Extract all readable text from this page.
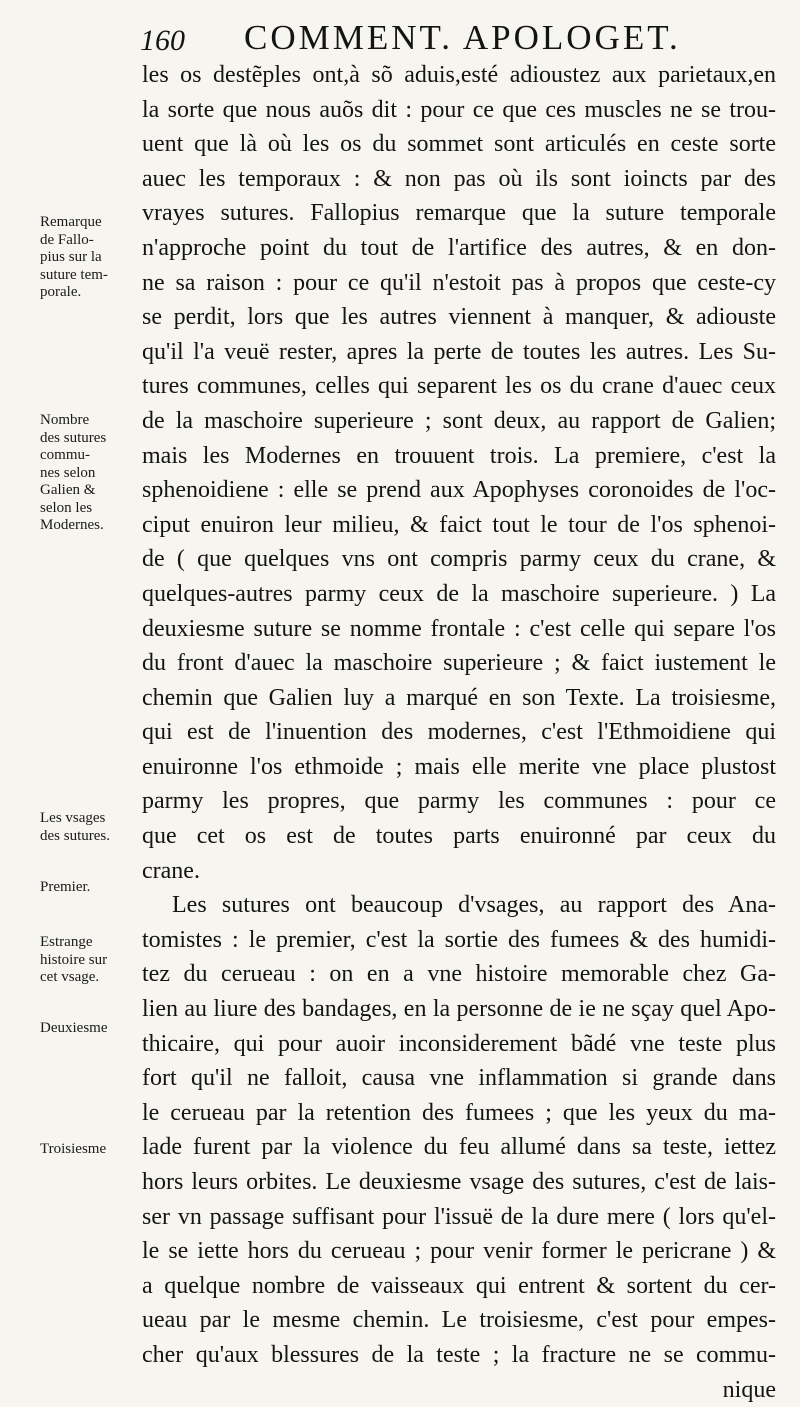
160 COMMENT. APOLOGET.
les os destẽples ont,à sõ aduis,esté adioustez aux parietaux,en
la sorte que nous auõs dit : pour ce que ces muscles ne se trou-
uent que là où les os du sommet sont articulés en ceste sorte
auec les temporaux : & non pas où ils sont ioincts par des
vrayes sutures. Fallopius remarque que la suture temporale
n'approche point du tout de l'artifice des autres, & en don-
ne sa raison : pour ce qu'il n'estoit pas à propos que ceste-cy
se perdit, lors que les autres viennent à manquer, & adiouste
qu'il l'a veuë rester, apres la perte de toutes les autres. Les Su-
tures communes, celles qui separent les os du crane d'auec ceux
de la maschoire superieure ; sont deux, au rapport de Galien;
mais les Modernes en trouuent trois. La premiere, c'est la
sphenoidiene : elle se prend aux Apophyses coronoides de l'oc-
ciput enuiron leur milieu, & faict tout le tour de l'os sphenoi-
de ( que quelques vns ont compris parmy ceux du crane, &
quelques-autres parmy ceux de la maschoire superieure. ) La
deuxiesme suture se nomme frontale : c'est celle qui separe l'os
du front d'auec la maschoire superieure ; & faict iustement le
chemin que Galien luy a marqué en son Texte. La troisiesme,
qui est de l'inuention des modernes, c'est l'Ethmoidiene qui
enuironne l'os ethmoide ; mais elle merite vne place plustost
parmy les propres, que parmy les communes : pour ce
que cet os est de toutes parts enuironné par ceux du
crane.
Les sutures ont beaucoup d'vsages, au rapport des Ana-
tomistes : le premier, c'est la sortie des fumees & des humidi-
tez du cerueau : on en a vne histoire memorable chez Ga-
lien au liure des bandages, en la personne de ie ne sçay quel Apo-
thicaire, qui pour auoir inconsiderement bãdé vne teste plus
fort qu'il ne falloit, causa vne inflammation si grande dans
le cerueau par la retention des fumees ; que les yeux du ma-
lade furent par la violence du feu allumé dans sa teste, iettez
hors leurs orbites. Le deuxiesme vsage des sutures, c'est de lais-
ser vn passage suffisant pour l'issuë de la dure mere ( lors qu'el-
le se iette hors du cerueau ; pour venir former le pericrane ) &
a quelque nombre de vaisseaux qui entrent & sortent du cer-
ueau par le mesme chemin. Le troisiesme, c'est pour empes-
cher qu'aux blessures de la teste ; la fracture ne se commu-
nique
Remarque
de Fallo-
pius sur la
suture tem-
porale.
Nombre
des sutures
commu-
nes selon
Galien &
selon les
Modernes.
Les vsages
des sutures.
Premier.
Estrange
histoire sur
cet vsage.
Deuxiesme
Troisiesme
